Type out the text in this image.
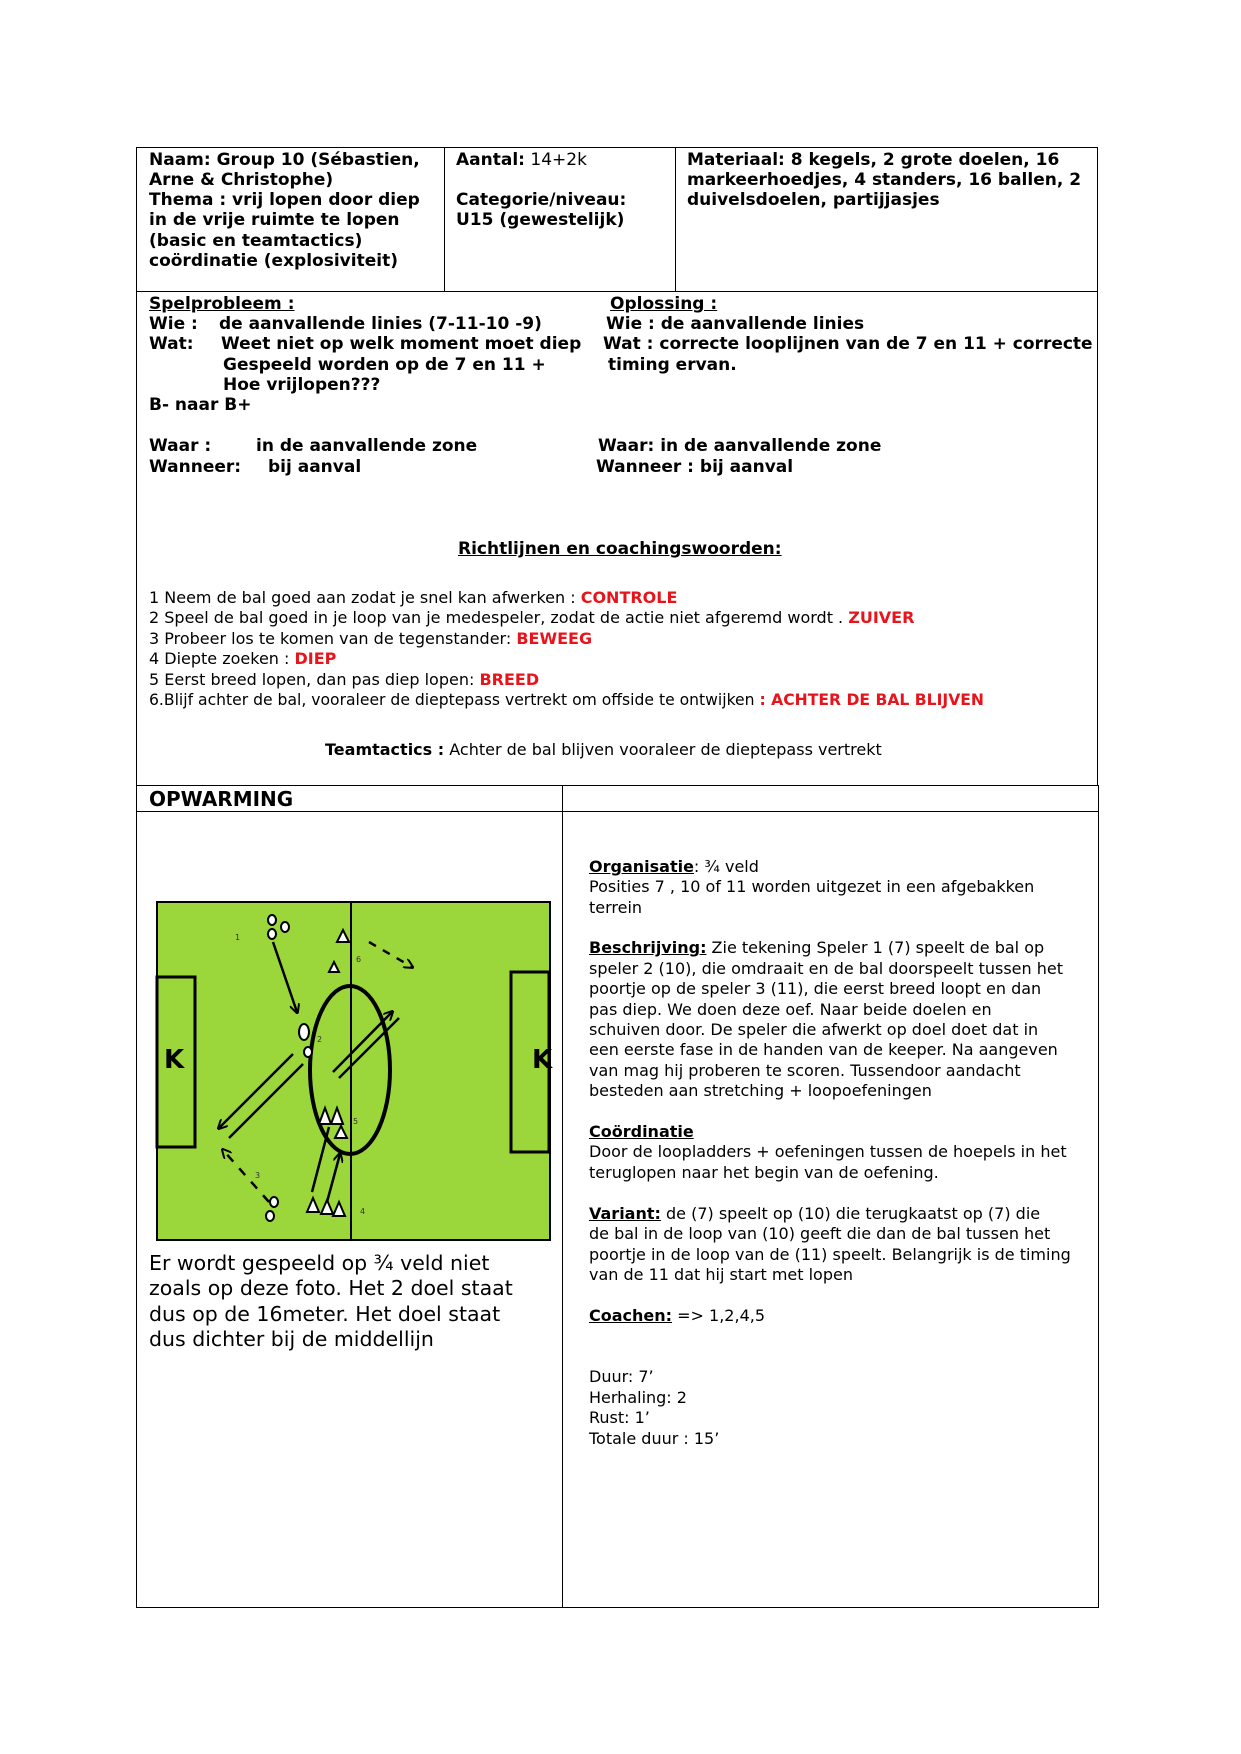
Naam: Group 10 (Sébastien,
Arne & Christophe)
Thema : vrij lopen door diep
in de vrije ruimte te lopen
(basic en teamtactics)
coördinatie (explosiviteit)
Aantal: 14+2k
Categorie/niveau:
U15 (gewestelijk)
Materiaal: 8 kegels, 2 grote doelen, 16
markeerhoedjes, 4 standers, 16 ballen, 2
duivelsdoelen, partijjasjes
Spelprobleem :
Wie : de aanvallende linies (7-11-10 -9)
Wat: Weet niet op welk moment moet diep
Gespeeld worden op de 7 en 11 +
Hoe vrijlopen???
B- naar B+
Waar :	in de aanvallende zone
Wanneer: bij aanval
Oplossing :
Wie : de aanvallende linies
Wat : correcte looplijnen van de 7 en 11 + correcte
timing ervan.
Waar: in de aanvallende zone
Wanneer : bij aanval
Richtlijnen en coachingswoorden:
1 Neem de bal goed aan zodat je snel kan afwerken : CONTROLE
2 Speel de bal goed in je loop van je medespeler, zodat de actie niet afgeremd wordt . ZUIVER
3 Probeer los te komen van de tegenstander: BEWEEG
4 Diepte zoeken : DIEP
5 Eerst breed lopen, dan pas diep lopen: BREED
6.Blijf achter de bal, vooraleer de dieptepass vertrekt om offside te ontwijken : ACHTER DE BAL BLIJVEN
Teamtactics : Achter de bal blijven vooraleer de dieptepass vertrekt
OPWARMING
K	K
1
2
3
4
5
6
Er wordt gespeeld op ¾ veld niet
zoals op deze foto. Het 2 doel staat
dus op de 16meter. Het doel staat
dus dichter bij de middellijn
Organisatie: ¾ veld
Posities 7 , 10 of 11 worden uitgezet in een afgebakken
terrein
Beschrijving: Zie tekening Speler 1 (7) speelt de bal op
speler 2 (10), die omdraait en de bal doorspeelt tussen het
poortje op de speler 3 (11), die eerst breed loopt en dan
pas diep. We doen deze oef. Naar beide doelen en
schuiven door. De speler die afwerkt op doel doet dat in
een eerste fase in de handen van de keeper. Na aangeven
van mag hij proberen te scoren. Tussendoor aandacht
besteden aan stretching + loopoefeningen
Coördinatie
Door de loopladders + oefeningen tussen de hoepels in het
teruglopen naar het begin van de oefening.
Variant: de (7) speelt op (10) die terugkaatst op (7) die
de bal in de loop van (10) geeft die dan de bal tussen het
poortje in de loop van de (11) speelt. Belangrijk is de timing
van de 11 dat hij start met lopen
Coachen: => 1,2,4,5
Duur: 7’
Herhaling: 2
Rust: 1’
Totale duur : 15’
